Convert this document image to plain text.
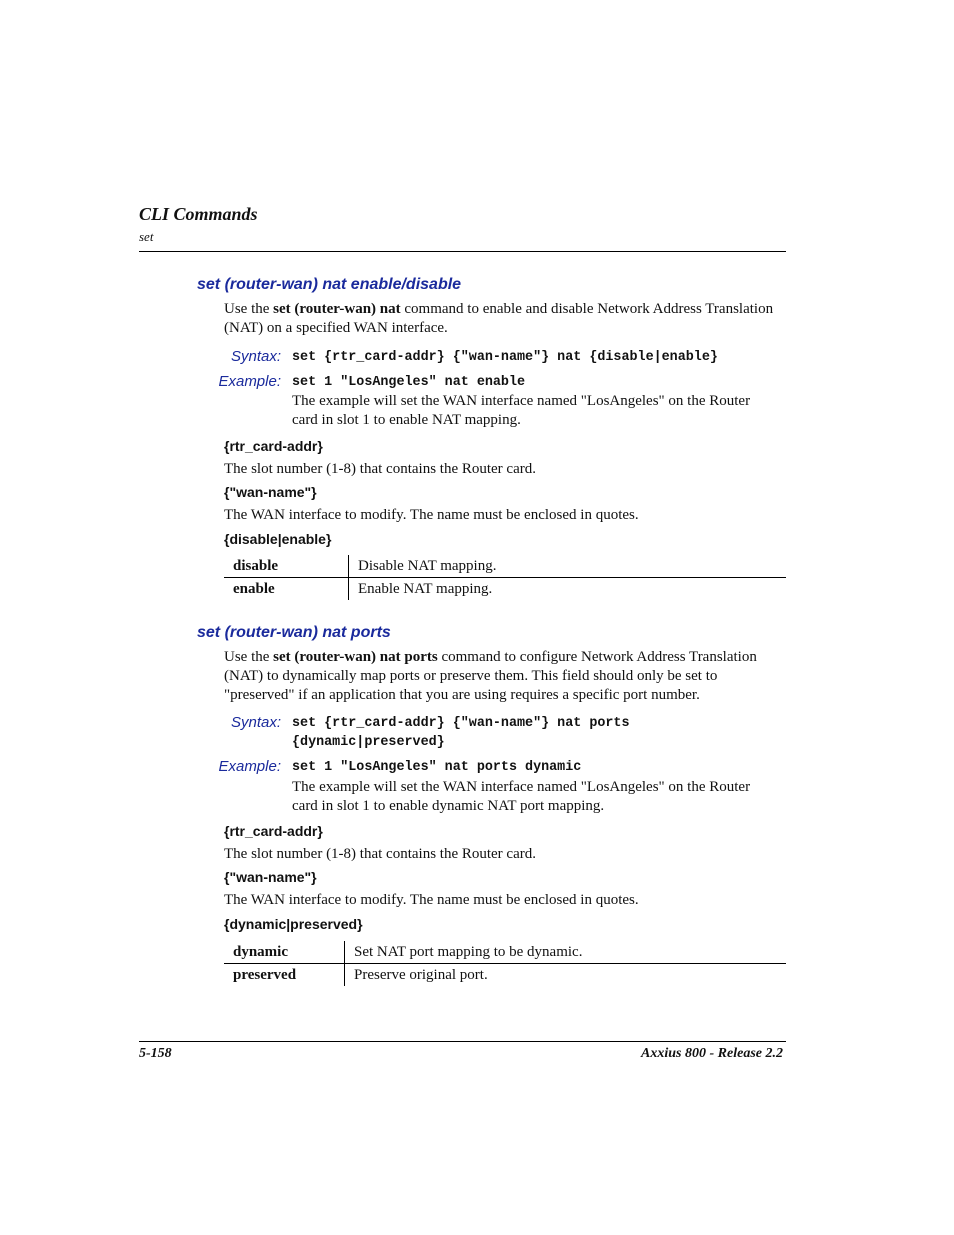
CLI Commands
set
set (router-wan) nat enable/disable
Use the set (router-wan) nat command to enable and disable Network Address Translation
(NAT) on a specified WAN interface.
Syntax: set {rtr_card-addr} {"wan-name"} nat {disable|enable}
Example: set 1 "LosAngeles" nat enable
The example will set the WAN interface named "LosAngeles" on the Router
card in slot 1 to enable NAT mapping.
{rtr_card-addr}
The slot number (1-8) that contains the Router card.
{"wan-name"}
The WAN interface to modify. The name must be enclosed in quotes.
{disable|enable}
disable	Disable NAT mapping.
enable	Enable NAT mapping.
set (router-wan) nat ports
Use the set (router-wan) nat ports command to configure Network Address Translation
(NAT) to dynamically map ports or preserve them. This field should only be set to
"preserved" if an application that you are using requires a specific port number.
Syntax: set {rtr_card-addr} {"wan-name"} nat ports
{dynamic|preserved}
Example: set 1 "LosAngeles" nat ports dynamic
The example will set the WAN interface named "LosAngeles" on the Router
card in slot 1 to enable dynamic NAT port mapping.
{rtr_card-addr}
The slot number (1-8) that contains the Router card.
{"wan-name"}
The WAN interface to modify. The name must be enclosed in quotes.
{dynamic|preserved}
dynamic	Set NAT port mapping to be dynamic.
preserved	Preserve original port.
5-158	Axxius 800 - Release 2.2
